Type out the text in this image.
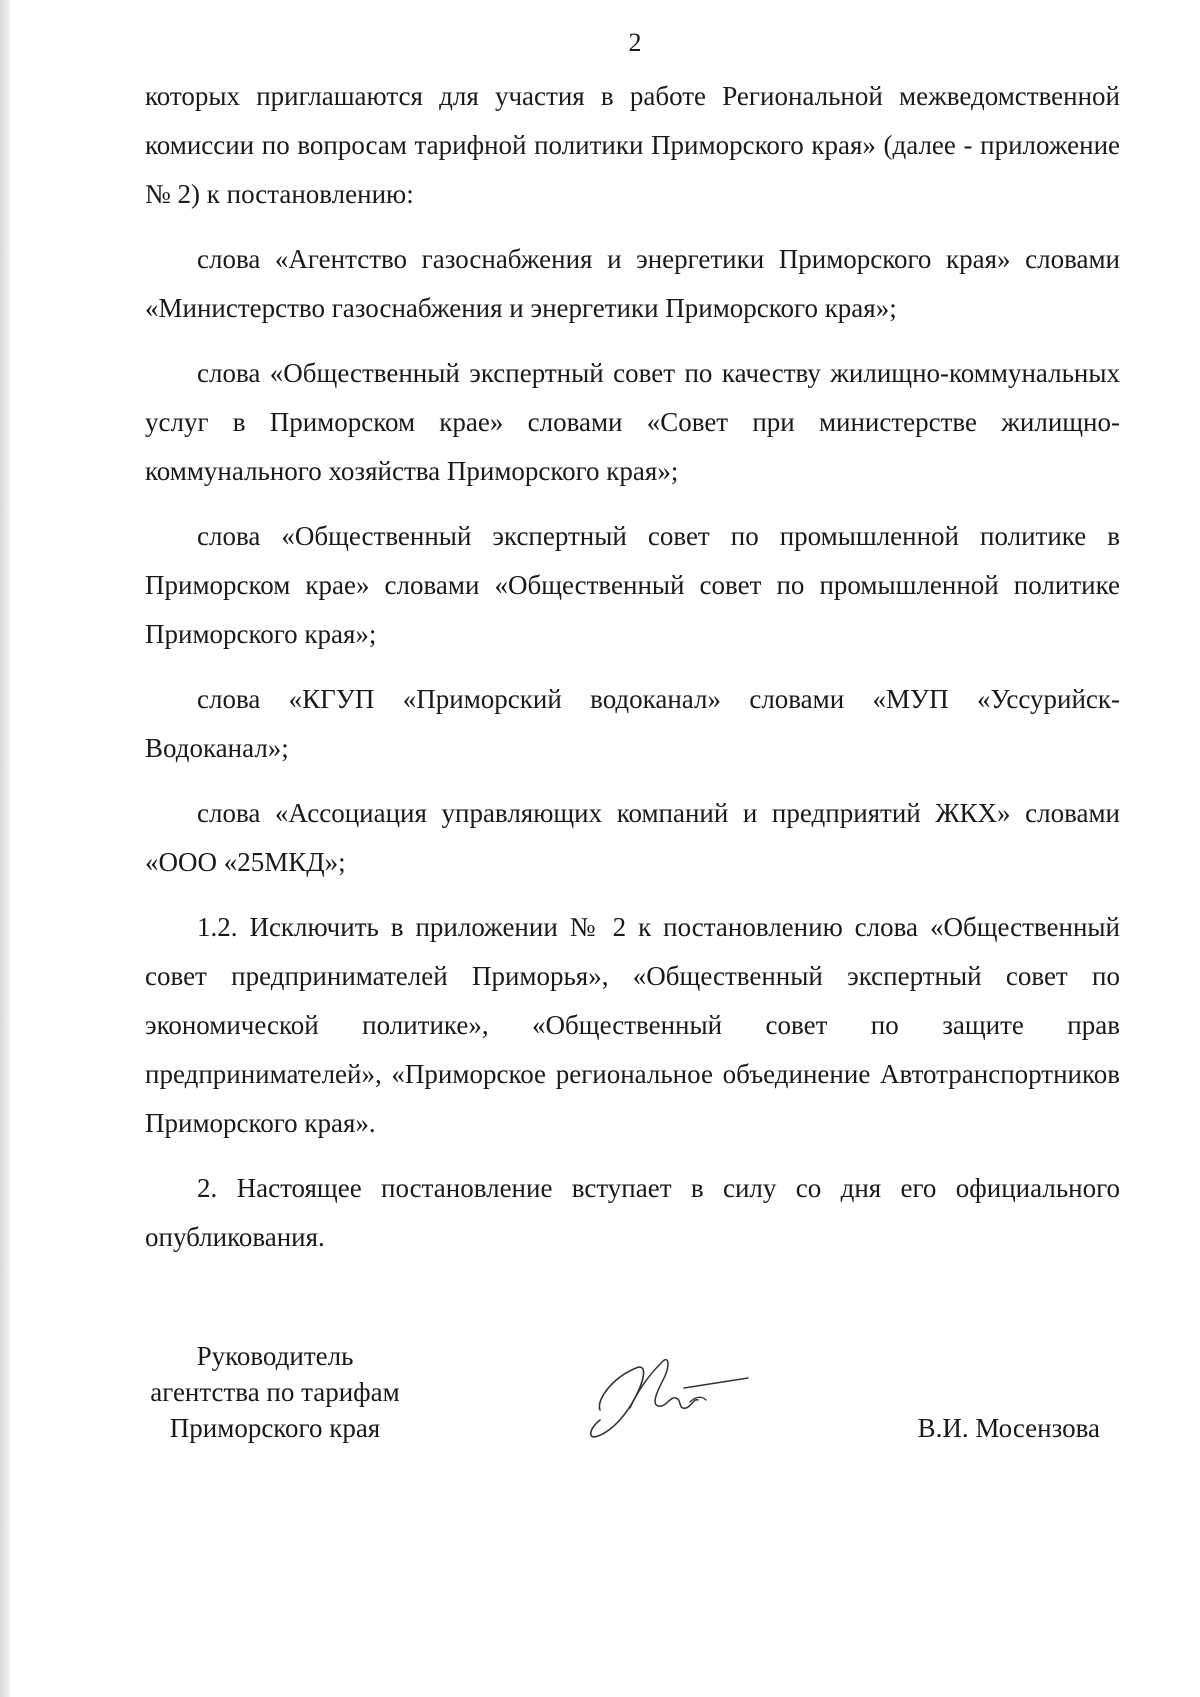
2

которых приглашаются для участия в работе Региональной межведомственной комиссии по вопросам тарифной политики Приморского края» (далее - приложение № 2) к постановлению:

слова «Агентство газоснабжения и энергетики Приморского края» словами «Министерство газоснабжения и энергетики Приморского края»;

слова «Общественный экспертный совет по качеству жилищно-коммунальных услуг в Приморском крае» словами «Совет при министерстве жилищно-коммунального хозяйства Приморского края»;

слова «Общественный экспертный совет по промышленной политике в Приморском крае» словами «Общественный совет по промышленной политике Приморского края»;

слова «КГУП «Приморский водоканал» словами «МУП «Уссурийск-Водоканал»;

слова «Ассоциация управляющих компаний и предприятий ЖКХ» словами «ООО «25МКД»;

1.2. Исключить в приложении № 2 к постановлению слова «Общественный совет предпринимателей Приморья», «Общественный экспертный совет по экономической политике», «Общественный совет по защите прав предпринимателей», «Приморское региональное объединение Автотранспортников Приморского края».

2. Настоящее постановление вступает в силу со дня его официального опубликования.

Руководитель
агентства по тарифам
Приморского края	В.И. Мосензова
